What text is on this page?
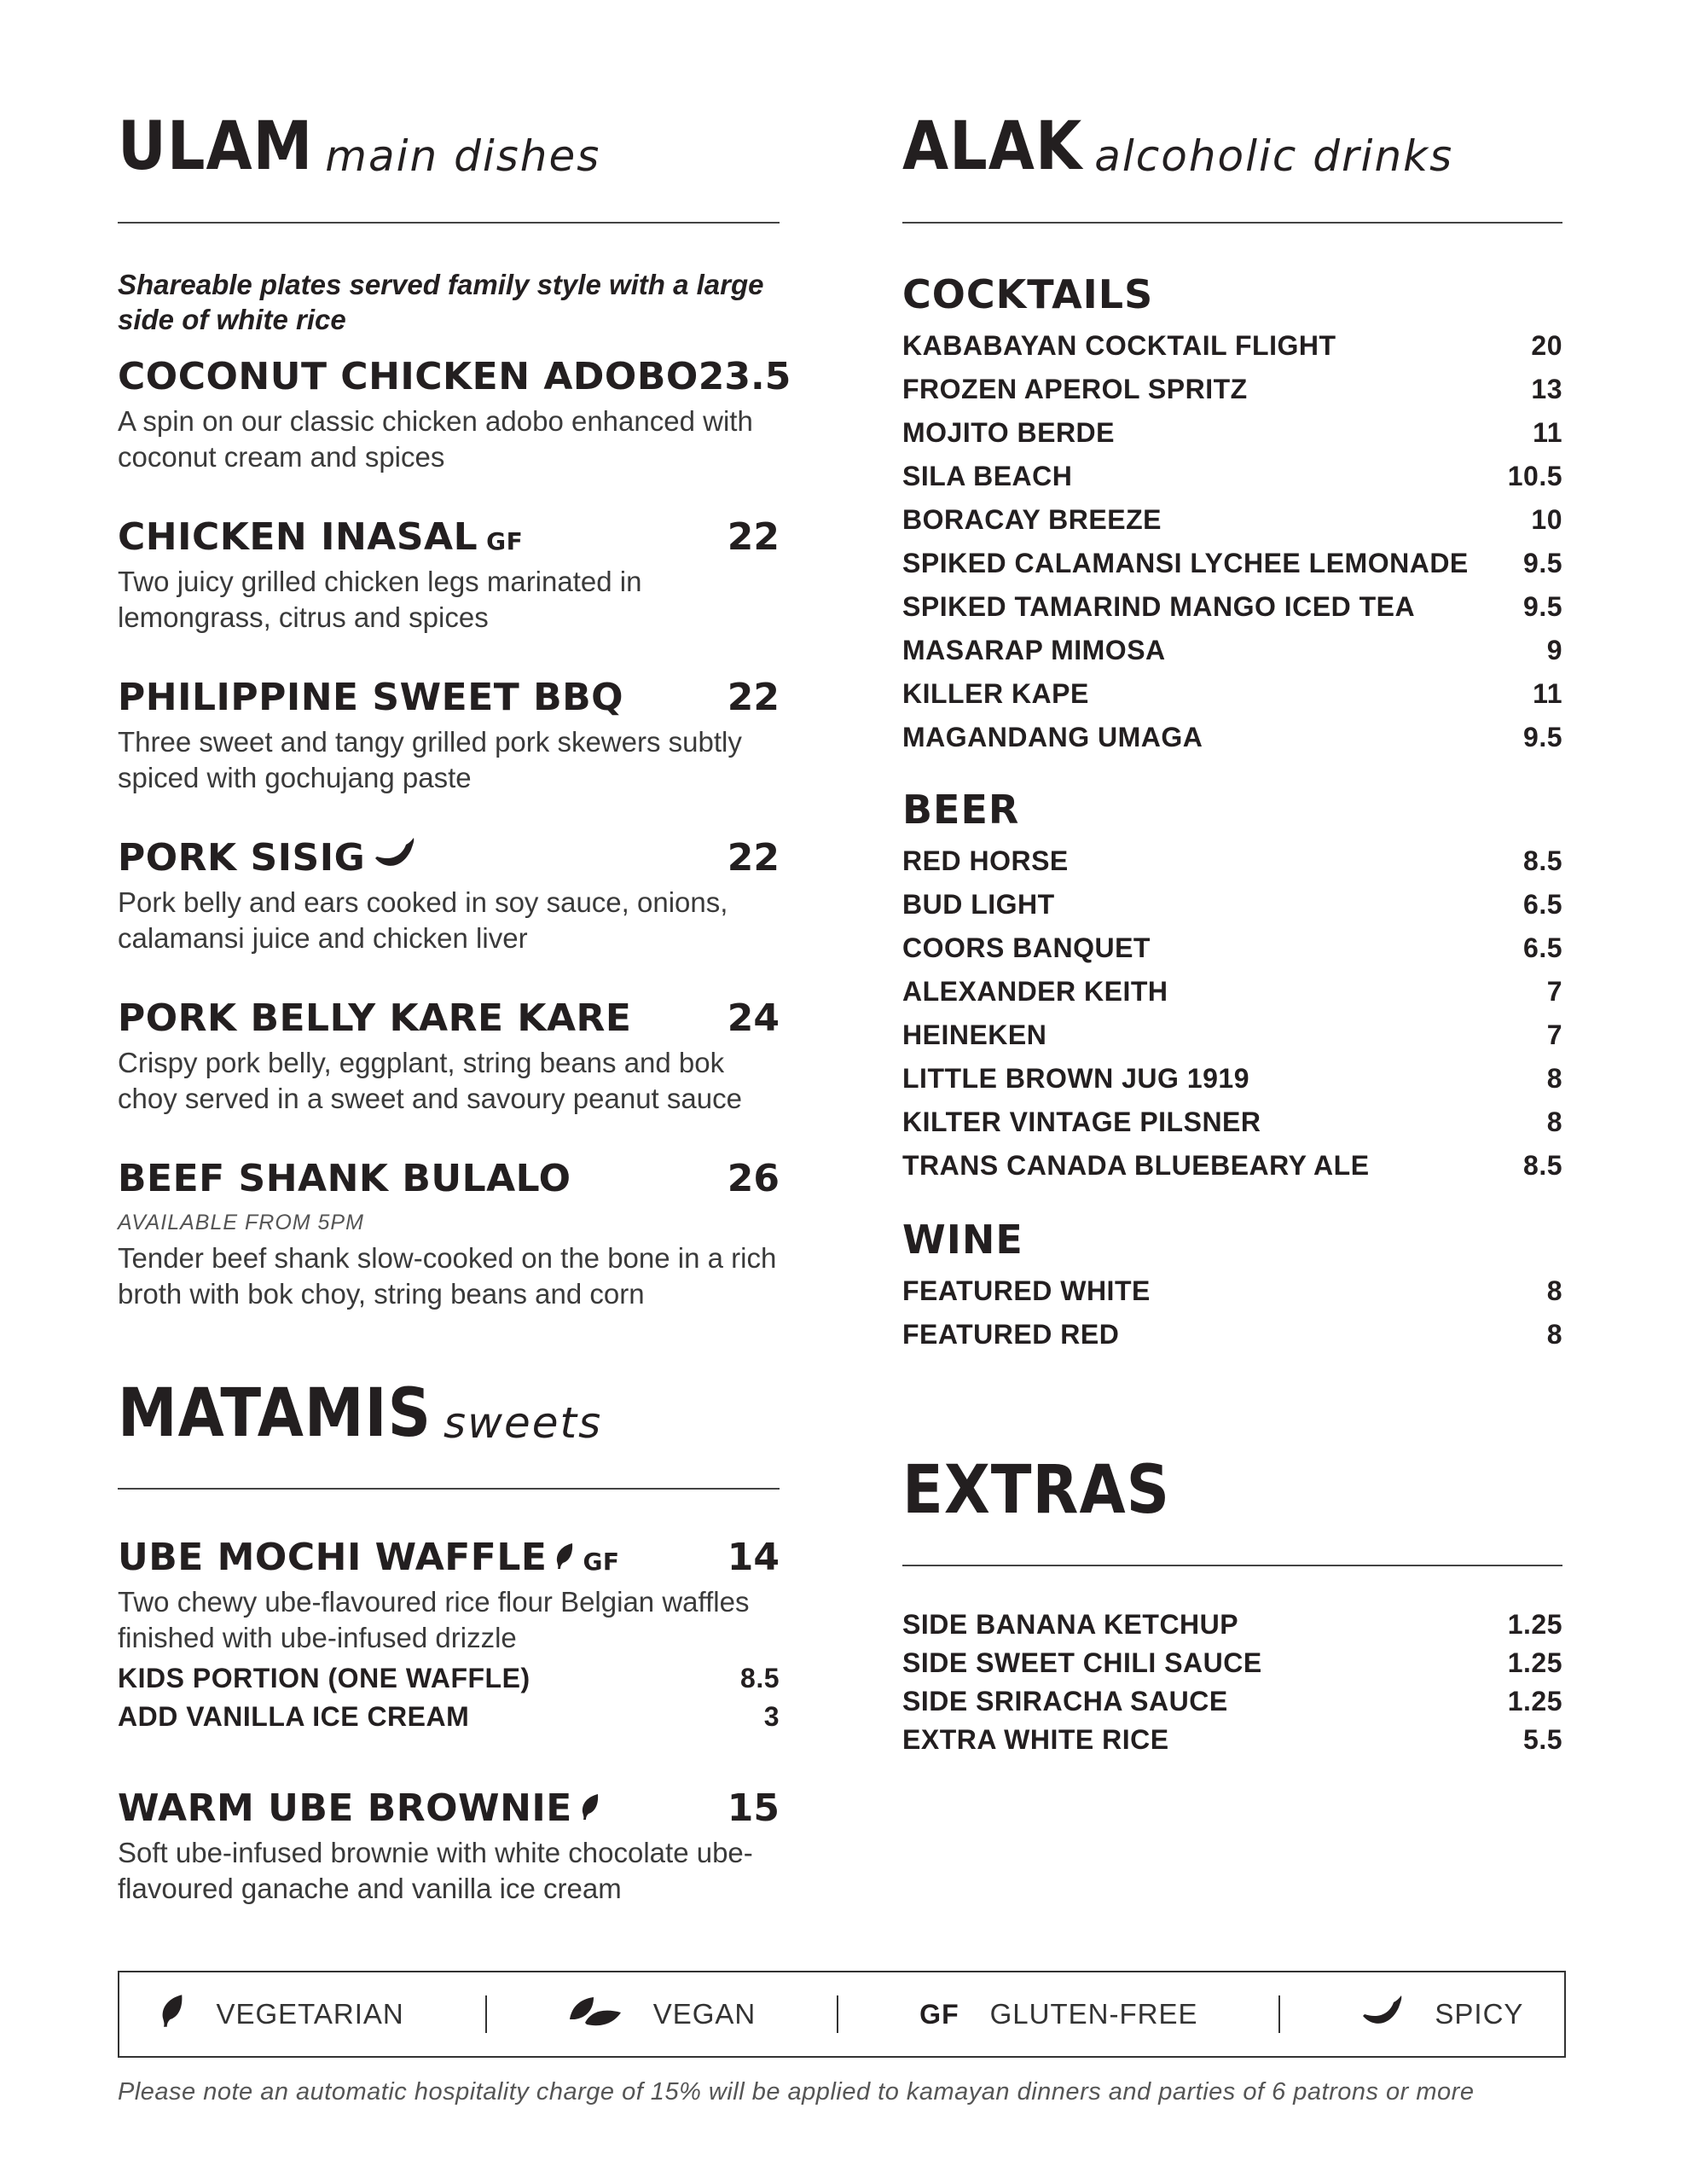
ULAM main dishes
Shareable plates served family style with a large side of white rice
COCONUT CHICKEN ADOBO 23.5
A spin on our classic chicken adobo enhanced with coconut cream and spices
CHICKEN INASAL GF	22
Two juicy grilled chicken legs marinated in lemongrass, citrus and spices
PHILIPPINE SWEET BBQ	22
Three sweet and tangy grilled pork skewers subtly spiced with gochujang paste
PORK SISIG	22
Pork belly and ears cooked in soy sauce, onions, calamansi juice and chicken liver
PORK BELLY KARE KARE	24
Crispy pork belly, eggplant, string beans and bok choy served in a sweet and savoury peanut sauce
BEEF SHANK BULALO	26
AVAILABLE FROM 5PM
Tender beef shank slow-cooked on the bone in a rich broth with bok choy, string beans and corn
MATAMIS sweets
UBE MOCHI WAFFLE GF	14
Two chewy ube-flavoured rice flour Belgian waffles finished with ube-infused drizzle
KIDS PORTION (ONE WAFFLE)	8.5
ADD VANILLA ICE CREAM	3
WARM UBE BROWNIE	15
Soft ube-infused brownie with white chocolate ube-flavoured ganache and vanilla ice cream
ALAK alcoholic drinks
COCKTAILS
KABABAYAN COCKTAIL FLIGHT	20
FROZEN APEROL SPRITZ	13
MOJITO BERDE	11
SILA BEACH	10.5
BORACAY BREEZE	10
SPIKED CALAMANSI LYCHEE LEMONADE 9.5
SPIKED TAMARIND MANGO ICED TEA	9.5
MASARAP MIMOSA	9
KILLER KAPE	11
MAGANDANG UMAGA	9.5
BEER
RED HORSE	8.5
BUD LIGHT	6.5
COORS BANQUET	6.5
ALEXANDER KEITH	7
HEINEKEN	7
LITTLE BROWN JUG 1919	8
KILTER VINTAGE PILSNER	8
TRANS CANADA BLUEBEARY ALE	8.5
WINE
FEATURED WHITE	8
FEATURED RED	8
EXTRAS
SIDE BANANA KETCHUP	1.25
SIDE SWEET CHILI SAUCE	1.25
SIDE SRIRACHA SAUCE	1.25
EXTRA WHITE RICE	5.5
VEGETARIAN	VEGAN	GF GLUTEN-FREE	SPICY
Please note an automatic hospitality charge of 15% will be applied to kamayan dinners and parties of 6 patrons or more
